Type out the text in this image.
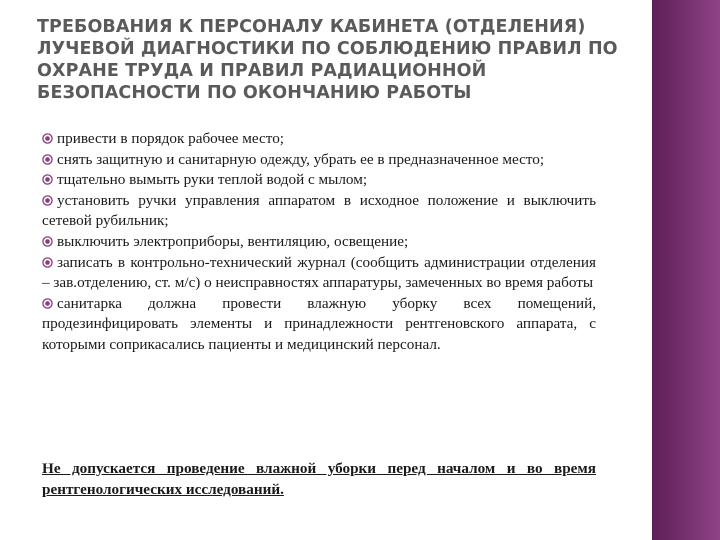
ТРЕБОВАНИЯ К ПЕРСОНАЛУ КАБИНЕТА (ОТДЕЛЕНИЯ) ЛУЧЕВОЙ ДИАГНОСТИКИ ПО СОБЛЮДЕНИЮ ПРАВИЛ ПО ОХРАНЕ ТРУДА И ПРАВИЛ РАДИАЦИОННОЙ БЕЗОПАСНОСТИ ПО ОКОНЧАНИЮ РАБОТЫ
привести в порядок рабочее место;
снять защитную и санитарную одежду, убрать ее в предназначенное место;
тщательно вымыть руки теплой водой с мылом;
установить ручки управления аппаратом в исходное положение и выключить сетевой рубильник;
выключить электроприборы, вентиляцию, освещение;
записать в контрольно-технический журнал (сообщить администрации отделения – зав.отделению, ст. м/с) о неисправностях аппаратуры, замеченных во время работы
санитарка должна провести влажную уборку всех помещений, продезинфицировать элементы и принадлежности рентгеновского аппарата, с которыми соприкасались пациенты и медицинский персонал.

Не допускается проведение влажной уборки перед началом и во время рентгенологических исследований.
